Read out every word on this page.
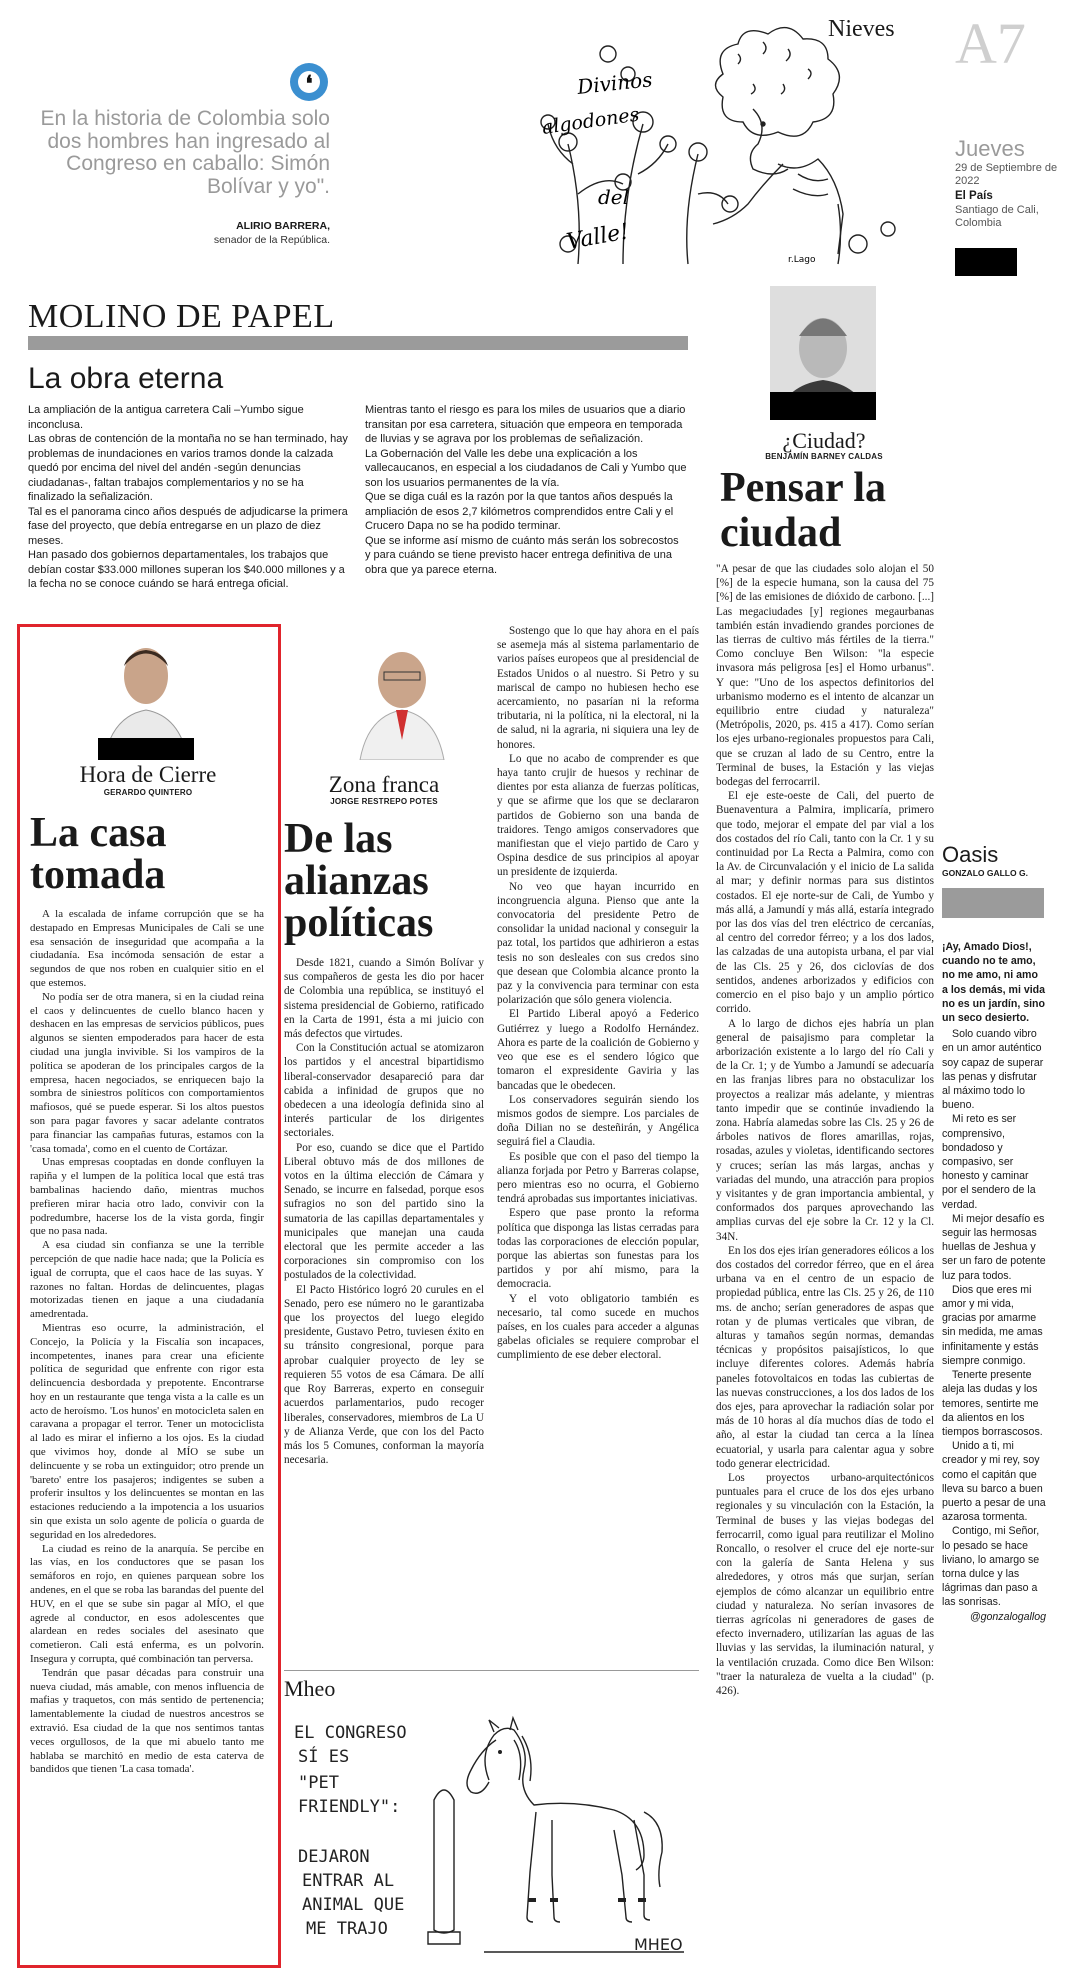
❛
En la historia de Colombia solo dos hombres han ingresado al Congreso en caballo: Simón Bolívar y yo".
ALIRIO BARRERA,
senador de la República.
Nieves
Divinos
algodones
del
Valle!
r.Lago
A7
Jueves
29 de Septiembre de 2022
El País
Santiago de Cali, Colombia
MOLINO DE PAPEL
La obra eterna

La ampliación de la antigua carretera Cali –Yumbo sigue inconclusa.

Las obras de contención de la montaña no se han terminado, hay problemas de inundaciones en varios tramos donde la calzada quedó por encima del nivel del andén -según denuncias ciudadanas-, faltan trabajos complementarios y no se ha finalizado la señalización.

Tal es el panorama cinco años después de adjudicarse la primera fase del proyecto, que debía entregarse en un plazo de diez meses.

Han pasado dos gobiernos departamentales, los trabajos que debían costar $33.000 millones superan los $40.000 millones y a la fecha no se conoce cuándo se hará entrega oficial.

Mientras tanto el riesgo es para los miles de usuarios que a diario transitan por esa carretera, situación que empeora en temporada de lluvias y se agrava por los problemas de señalización.

La Gobernación del Valle les debe una explicación a los vallecaucanos, en especial a los ciudadanos de Cali y Yumbo que son los usuarios permanentes de la vía.

Que se diga cuál es la razón por la que tantos años después la ampliación de esos 2,7 kilómetros comprendidos entre Cali y el Crucero Dapa no se ha podido terminar.

Que se informe así mismo de cuánto más serán los sobrecostos y para cuándo se tiene previsto hacer entrega definitiva de una obra que ya parece eterna.

¿Ciudad?
BENJAMÍN BARNEY CALDAS
Pensar la ciudad

"A pesar de que las ciudades solo alojan el 50 [%] de la especie humana, son la causa del 75 [%] de las emisiones de dióxido de carbono. [...] Las megaciudades [y] regiones megaurbanas también están invadiendo grandes porciones de las tierras de cultivo más fértiles de la tierra." Como concluye Ben Wilson: "la especie invasora más peligrosa [es] el Homo urbanus". Y que: "Uno de los aspectos definitorios del urbanismo moderno es el intento de alcanzar un equilibrio entre ciudad y naturaleza" (Metrópolis, 2020, ps. 415 a 417). Como serían los ejes urbano-regionales propuestos para Cali, que se cruzan al lado de su Centro, entre la Terminal de buses, la Estación y las viejas bodegas del ferrocarril.

El eje este-oeste de Cali, del puerto de Buenaventura a Palmira, implicaría, primero que todo, mejorar el empate del par vial a los dos costados del río Cali, tanto con la Cr. 1 y su continuidad por La Recta a Palmira, como con la Av. de Circunvalación y el inicio de La salida al mar; y definir normas para sus distintos costados. El eje norte-sur de Cali, de Yumbo y más allá, a Jamundí y más allá, estaría integrado por las dos vías del tren eléctrico de cercanías, al centro del corredor férreo; y a los dos lados, las calzadas de una autopista urbana, el par vial de las Cls. 25 y 26, dos ciclovías de dos sentidos, andenes arborizados y edificios con comercio en el piso bajo y un amplio pórtico corrido.

A lo largo de dichos ejes habría un plan general de paisajismo para completar la arborización existente a lo largo del río Cali y de la Cr. 1; y de Yumbo a Jamundí se adecuaría en las franjas libres para no obstaculizar los proyectos a realizar más adelante, y mientras tanto impedir que se continúe invadiendo la zona. Habría alamedas sobre las Cls. 25 y 26 de árboles nativos de flores amarillas, rojas, rosadas, azules y violetas, identificando sectores y cruces; serían las más largas, anchas y variadas del mundo, una atracción para propios y visitantes y de gran importancia ambiental, y conformados dos parques aprovechando las amplias curvas del eje sobre la Cr. 12 y la Cl. 34N.

En los dos ejes irían generadores eólicos a los dos costados del corredor férreo, que en el área urbana va en el centro de un espacio de propiedad pública, entre las Cls. 25 y 26, de 110 ms. de ancho; serían generadores de aspas que rotan y de plumas verticales que vibran, de alturas y tamaños según normas, demandas técnicas y propósitos paisajísticos, lo que incluye diferentes colores. Además habría paneles fotovoltaicos en todas las cubiertas de las nuevas construcciones, a los dos lados de los dos ejes, para aprovechar la radiación solar por más de 10 horas al día muchos días de todo el año, al estar la ciudad tan cerca a la línea ecuatorial, y usarla para calentar agua y sobre todo generar electricidad.

Los proyectos urbano-arquitectónicos puntuales para el cruce de los dos ejes urbano regionales y su vinculación con la Estación, la Terminal de buses y las viejas bodegas del ferrocarril, como igual para reutilizar el Molino Roncallo, o resolver el cruce del eje norte-sur con la galería de Santa Helena y sus alrededores, y otros más que surjan, serían ejemplos de cómo alcanzar un equilibrio entre ciudad y naturaleza. No serían invasores de tierras agrícolas ni generadores de gases de efecto invernadero, utilizarían las aguas de las lluvias y las servidas, la iluminación natural, y la ventilación cruzada. Como dice Ben Wilson: "traer la naturaleza de vuelta a la ciudad" (p. 426).

Hora de Cierre
GERARDO QUINTERO
La casa tomada

A la escalada de infame corrupción que se ha destapado en Empresas Municipales de Cali se une esa sensación de inseguridad que acompaña a la ciudadanía. Esa incómoda sensación de estar a segundos de que nos roben en cualquier sitio en el que estemos.

No podía ser de otra manera, si en la ciudad reina el caos y delincuentes de cuello blanco hacen y deshacen en las empresas de servicios públicos, pues algunos se sienten empoderados para hacer de esta ciudad una jungla invivible. Si los vampiros de la política se apoderan de los principales cargos de la empresa, hacen negociados, se enriquecen bajo la sombra de siniestros políticos con comportamientos mafiosos, qué se puede esperar. Si los altos puestos son para pagar favores y sacar adelante contratos para financiar las campañas futuras, estamos con la 'casa tomada', como en el cuento de Cortázar.

Unas empresas cooptadas en donde confluyen la rapiña y el lumpen de la política local que está tras bambalinas haciendo daño, mientras muchos prefieren mirar hacia otro lado, convivir con la podredumbre, hacerse los de la vista gorda, fingir que no pasa nada.

A esa ciudad sin confianza se une la terrible percepción de que nadie hace nada; que la Policía es igual de corrupta, que el caos hace de las suyas. Y razones no faltan. Hordas de delincuentes, plagas motorizadas tienen en jaque a una ciudadanía amedrentada.

Mientras eso ocurre, la administración, el Concejo, la Policía y la Fiscalía son incapaces, incompetentes, inanes para crear una eficiente política de seguridad que enfrente con rigor esta delincuencia desbordada y prepotente. Encontrarse hoy en un restaurante que tenga vista a la calle es un acto de heroísmo. 'Los hunos' en motocicleta salen en caravana a propagar el terror. Tener un motociclista al lado es mirar el infierno a los ojos. Es la ciudad que vivimos hoy, donde al MÍO se sube un delincuente y se roba un extinguidor; otro prende un 'bareto' entre los pasajeros; indigentes se suben a proferir insultos y los delincuentes se montan en las estaciones reduciendo a la impotencia a los usuarios sin que exista un solo agente de policía o guarda de seguridad en los alrededores.

La ciudad es reino de la anarquía. Se percibe en las vías, en los conductores que se pasan los semáforos en rojo, en quienes parquean sobre los andenes, en el que se roba las barandas del puente del HUV, en el que se sube sin pagar al MÍO, el que agrede al conductor, en esos adolescentes que alardean en redes sociales del asesinato que cometieron. Cali está enferma, es un polvorín. Insegura y corrupta, qué combinación tan perversa.

Tendrán que pasar décadas para construir una nueva ciudad, más amable, con menos influencia de mafias y traquetos, con más sentido de pertenencia; lamentablemente la ciudad de nuestros ancestros se extravió. Esa ciudad de la que nos sentimos tantas veces orgullosos, de la que mi abuelo tanto me hablaba se marchitó en medio de esta caterva de bandidos que tienen 'La casa tomada'.

Zona franca
JORGE RESTREPO POTES
De las alianzas políticas

Desde 1821, cuando a Simón Bolívar y sus compañeros de gesta les dio por hacer de Colombia una república, se instituyó el sistema presidencial de Gobierno, ratificado en la Carta de 1991, ésta a mi juicio con más defectos que virtudes.

Con la Constitución actual se atomizaron los partidos y el ancestral bipartidismo liberal-conservador desapareció para dar cabida a infinidad de grupos que no obedecen a una ideología definida sino al interés particular de los dirigentes sectoriales.

Por eso, cuando se dice que el Partido Liberal obtuvo más de dos millones de votos en la última elección de Cámara y Senado, se incurre en falsedad, porque esos sufragios no son del partido sino la sumatoria de las capillas departamentales y municipales que manejan una cauda electoral que les permite acceder a las corporaciones sin compromiso con los postulados de la colectividad.

El Pacto Histórico logró 20 curules en el Senado, pero ese número no le garantizaba que los proyectos del luego elegido presidente, Gustavo Petro, tuviesen éxito en su tránsito congresional, porque para aprobar cualquier proyecto de ley se requieren 55 votos de esa Cámara. De allí que Roy Barreras, experto en conseguir acuerdos parlamentarios, pudo recoger liberales, conservadores, miembros de La U y de Alianza Verde, que con los del Pacto más los 5 Comunes, conforman la mayoría necesaria.

Sostengo que lo que hay ahora en el país se asemeja más al sistema parlamentario de varios países europeos que al presidencial de Estados Unidos o al nuestro. Si Petro y su mariscal de campo no hubiesen hecho ese acercamiento, no pasarían ni la reforma tributaria, ni la política, ni la electoral, ni la de salud, ni la agraria, ni siquiera una ley de honores.

Lo que no acabo de comprender es que haya tanto crujir de huesos y rechinar de dientes por esta alianza de fuerzas políticas, y que se afirme que los que se declararon partidos de Gobierno son una banda de traidores. Tengo amigos conservadores que manifiestan que el viejo partido de Caro y Ospina desdice de sus principios al apoyar un presidente de izquierda.

No veo que hayan incurrido en incongruencia alguna. Pienso que ante la convocatoria del presidente Petro de consolidar la unidad nacional y conseguir la paz total, los partidos que adhirieron a estas tesis no son desleales con sus credos sino que desean que Colombia alcance pronto la paz y la convivencia para terminar con esta polarización que sólo genera violencia.

El Partido Liberal apoyó a Federico Gutiérrez y luego a Rodolfo Hernández. Ahora es parte de la coalición de Gobierno y veo que ese es el sendero lógico que tomaron el expresidente Gaviria y las bancadas que le obedecen.

Los conservadores seguirán siendo los mismos godos de siempre. Los parciales de doña Dilian no se desteñirán, y Angélica seguirá fiel a Claudia.

Es posible que con el paso del tiempo la alianza forjada por Petro y Barreras colapse, pero mientras eso no ocurra, el Gobierno tendrá aprobadas sus importantes iniciativas.

Espero que pase pronto la reforma política que disponga las listas cerradas para todas las corporaciones de elección popular, porque las abiertas son funestas para los partidos y por ahí mismo, para la democracia.

Y el voto obligatorio también es necesario, tal como sucede en muchos países, en los cuales para acceder a algunas gabelas oficiales se requiere comprobar el cumplimiento de ese deber electoral.

Mheo
EL CONGRESO
SÍ ES
"PET
FRIENDLY":
DEJARON
ENTRAR AL
ANIMAL QUE
ME TRAJO
MHEO
Oasis
GONZALO GALLO G.

¡Ay, Amado Dios!, cuando no te amo, no me amo, ni amo a los demás, mi vida no es un jardín, sino un seco desierto.

Solo cuando vibro en un amor auténtico soy capaz de superar las penas y disfrutar al máximo todo lo bueno.

Mi reto es ser comprensivo, bondadoso y compasivo, ser honesto y caminar por el sendero de la verdad.

Mi mejor desafío es seguir las hermosas huellas de Jeshua y ser un faro de potente luz para todos.

Dios que eres mi amor y mi vida, gracias por amarme sin medida, me amas infinitamente y estás siempre conmigo.

Tenerte presente aleja las dudas y los temores, sentirte me da alientos en los tiempos borrascosos.

Unido a ti, mi creador y mi rey, soy como el capitán que lleva su barco a buen puerto a pesar de una azarosa tormenta.

Contigo, mi Señor, lo pesado se hace liviano, lo amargo se torna dulce y las lágrimas dan paso a las sonrisas.

@gonzalogallog
